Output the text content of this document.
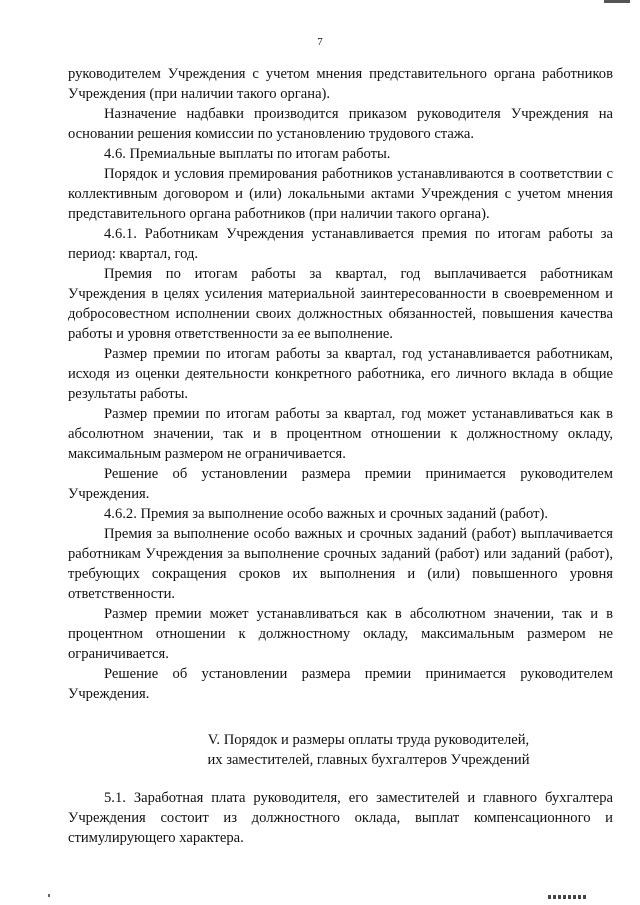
7

руководителем Учреждения с учетом мнения представительного органа работников Учреждения (при наличии такого органа).

Назначение надбавки производится приказом руководителя Учреждения на основании решения комиссии по установлению трудового стажа.

4.6. Премиальные выплаты по итогам работы.

Порядок и условия премирования работников устанавливаются в соответствии с коллективным договором и (или) локальными актами Учреждения с учетом мнения представительного органа работников (при наличии такого органа).

4.6.1. Работникам Учреждения устанавливается премия по итогам работы за период: квартал, год.

Премия по итогам работы за квартал, год выплачивается работникам Учреждения в целях усиления материальной заинтересованности в своевременном и добросовестном исполнении своих должностных обязанностей, повышения качества работы и уровня ответственности за ее выполнение.

Размер премии по итогам работы за квартал, год устанавливается работникам, исходя из оценки деятельности конкретного работника, его личного вклада в общие результаты работы.

Размер премии по итогам работы за квартал, год может устанавливаться как в абсолютном значении, так и в процентном отношении к должностному окладу, максимальным размером не ограничивается.

Решение об установлении размера премии принимается руководителем Учреждения.

4.6.2. Премия за выполнение особо важных и срочных заданий (работ).

Премия за выполнение особо важных и срочных заданий (работ) выплачивается работникам Учреждения за выполнение срочных заданий (работ) или заданий (работ), требующих сокращения сроков их выполнения и (или) повышенного уровня ответственности.

Размер премии может устанавливаться как в абсолютном значении, так и в процентном отношении к должностному окладу, максимальным размером не ограничивается.

Решение об установлении размера премии принимается руководителем Учреждения.

V. Порядок и размеры оплаты труда руководителей,
их заместителей, главных бухгалтеров Учреждений

5.1. Заработная плата руководителя, его заместителей и главного бухгалтера Учреждения состоит из должностного оклада, выплат компенсационного и стимулирующего характера.
